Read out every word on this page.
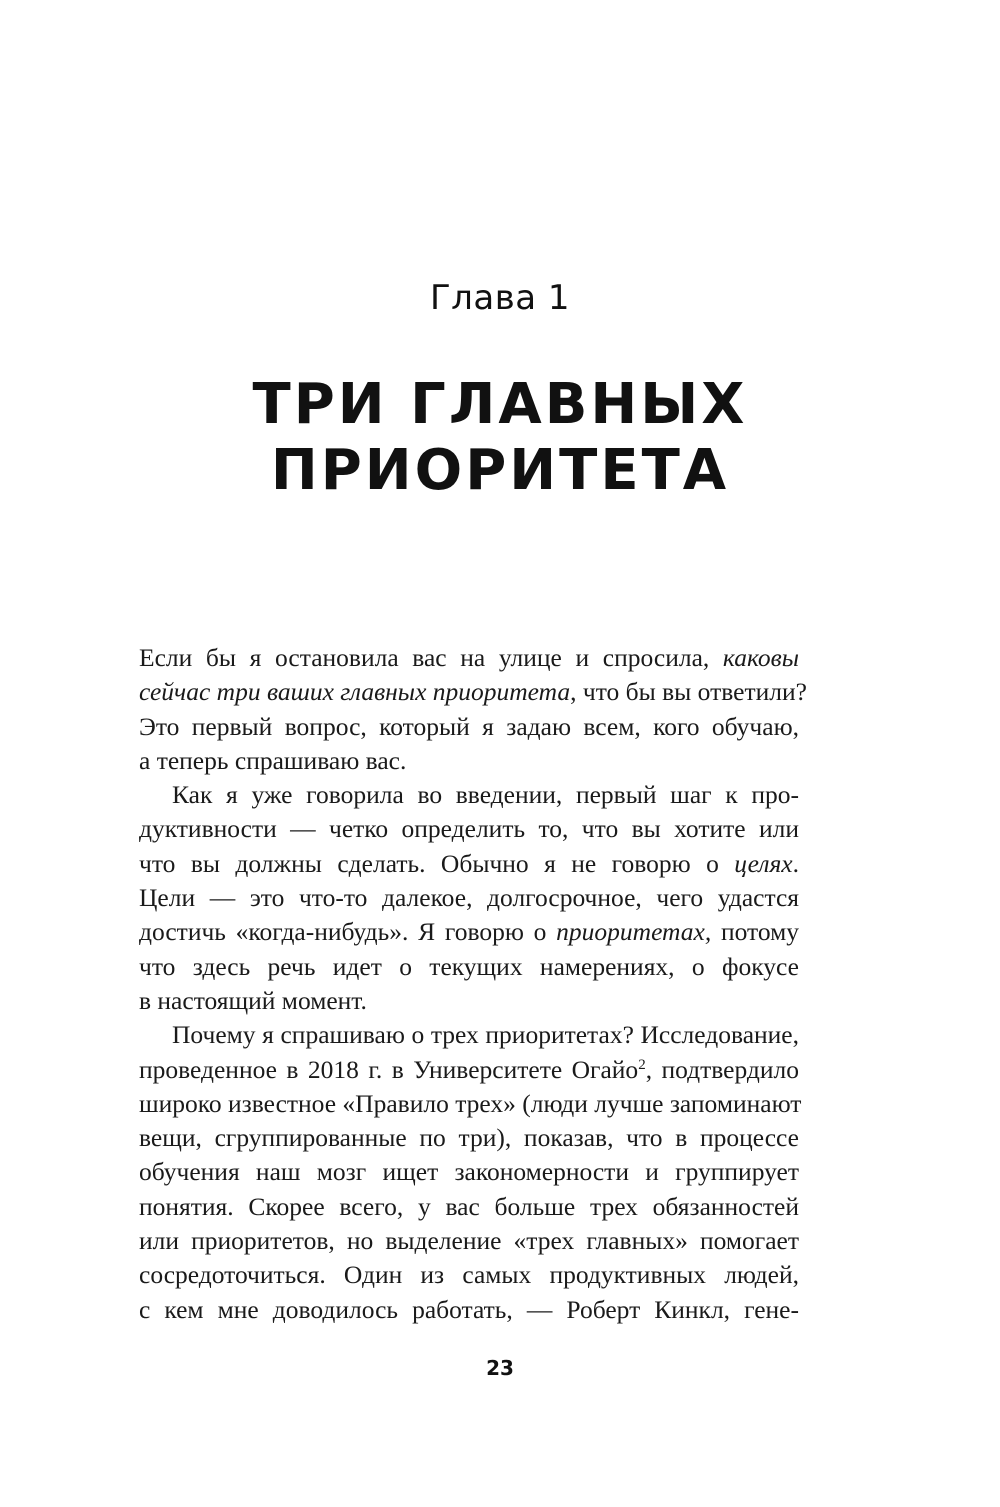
Глава 1
ТРИ ГЛАВНЫХ
ПРИОРИТЕТА
Если бы я остановила вас на улице и спросила, каковы
сейчас три ваших главных приоритета, что бы вы ответили?
Это первый вопрос, который я задаю всем, кого обучаю,
а теперь спрашиваю вас.
Как я уже говорила во введении, первый шаг к про-
дуктивности — четко определить то, что вы хотите или
что вы должны сделать. Обычно я не говорю о целях.
Цели — это что-то далекое, долгосрочное, чего удастся
достичь «когда-нибудь». Я говорю о приоритетах, потому
что здесь речь идет о текущих намерениях, о фокусе
в настоящий момент.
Почему я спрашиваю о трех приоритетах? Исследование,
проведенное в 2018 г. в Университете Огайо$^2$, подтвердило
широко известное «Правило трех» (люди лучше запоминают
вещи, сгруппированные по три), показав, что в процессе
обучения наш мозг ищет закономерности и группирует
понятия. Скорее всего, у вас больше трех обязанностей
или приоритетов, но выделение «трех главных» помогает
сосредоточиться. Один из самых продуктивных людей,
с кем мне доводилось работать, — Роберт Кинкл, гене-
23
